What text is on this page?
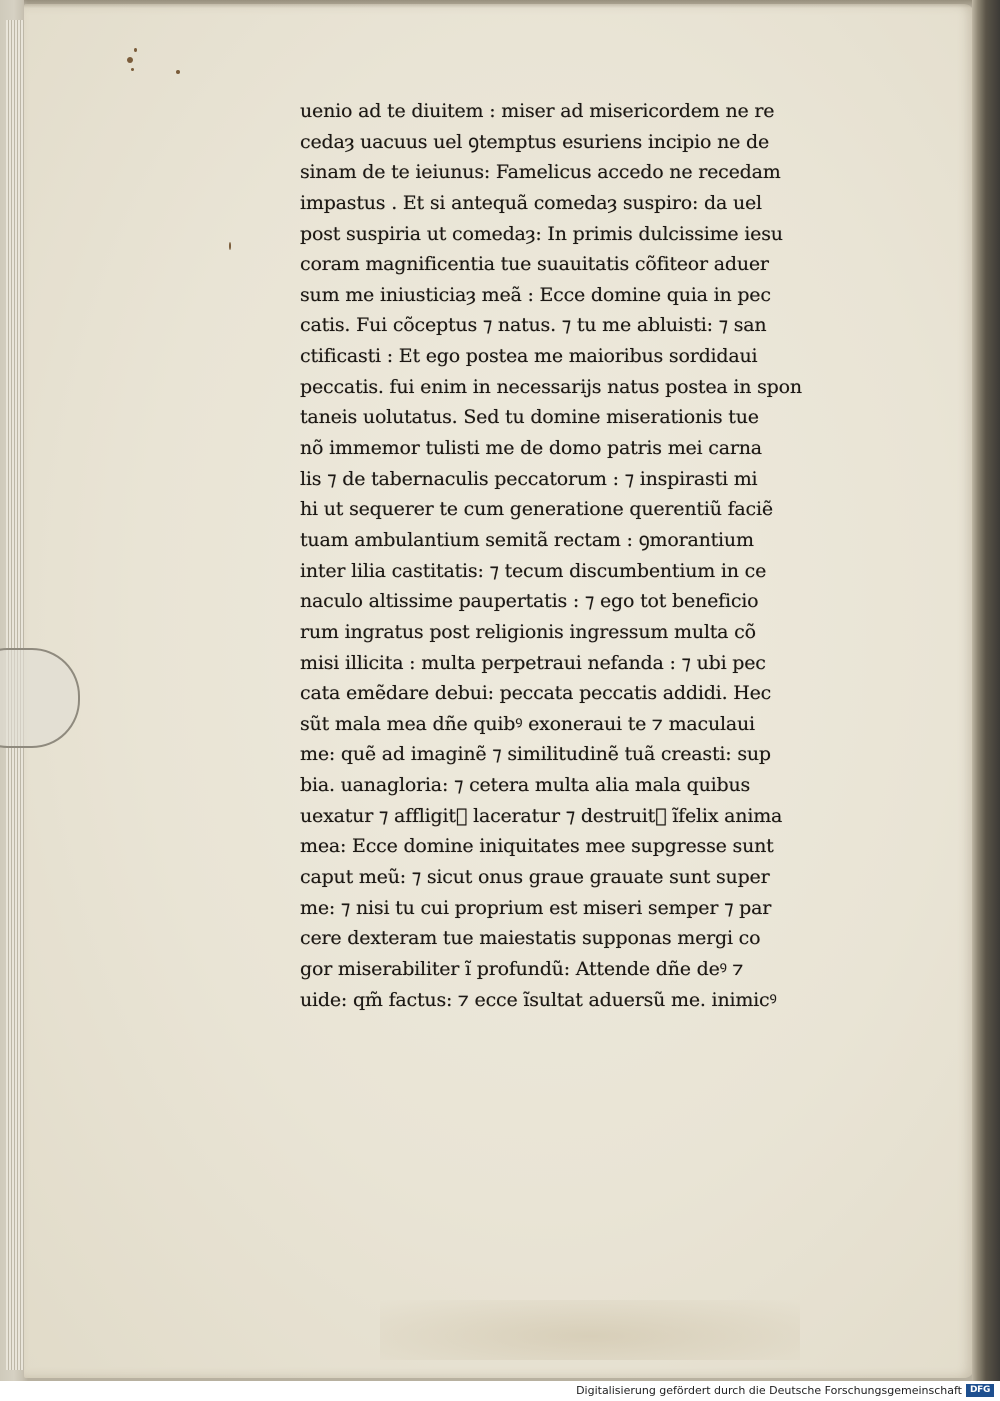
uenio ad te diuitem : miser ad misericordem ne re
cedaȝ uacuus uel ꝯtemptus esuriens incipio ne de
sinam de te ieiunus: Famelicus accedo ne recedam
impastus . Et si antequã comedaȝ suspiro: da uel
post suspiria ut comedaȝ: In primis dulcissime iesu
coram magnificentia tue suauitatis cõfiteor aduer
sum me iniusticiaȝ meã : Ecce domine quia in pec
catis. Fui cõceptus ⁊ natus. ⁊ tu me abluisti: ⁊ san
ctificasti : Et ego postea me maioribus sordidaui
peccatis. fui enim in necessarijs natus postea in spon
taneis uolutatus. Sed tu domine miserationis tue
nõ immemor tulisti me de domo patris mei carna
lis ⁊ de tabernaculis peccatorum : ⁊ inspirasti mi
hi ut sequerer te cum generatione querentiũ faciẽ
tuam ambulantium semitã rectam : ꝯmorantium
inter lilia castitatis: ⁊ tecum discumbentium in ce
naculo altissime paupertatis : ⁊ ego tot beneficio
rum ingratus post religionis ingressum multa cõ
misi illicita : multa perpetraui nefanda : ⁊ ubi pec
cata emẽdare debui: peccata peccatis addidi. Hec
sũt mala mea dñe quibꝰ exoneraui te ⁊ maculaui
me: quẽ ad imaginẽ ⁊ similitudinẽ tuã creasti: sup
bia. uanagloria: ⁊ cetera multa alia mala quibus
uexatur ⁊ affligitᷣ laceratur ⁊ destruitᷣ ĩfelix anima
mea: Ecce domine iniquitates mee supgresse sunt
caput meũ: ⁊ sicut onus graue grauate sunt super
me: ⁊ nisi tu cui proprium est miseri semper ⁊ par
cere dexteram tue maiestatis supponas mergi co
gor miserabiliter ĩ profundũ: Attende dñe deꝰ ⁊
uide: qm̃ factus: ⁊ ecce ĩsultat aduersũ me. inimicꝰ
Digitalisierung gefördert durch die Deutsche Forschungsgemeinschaft DFG
